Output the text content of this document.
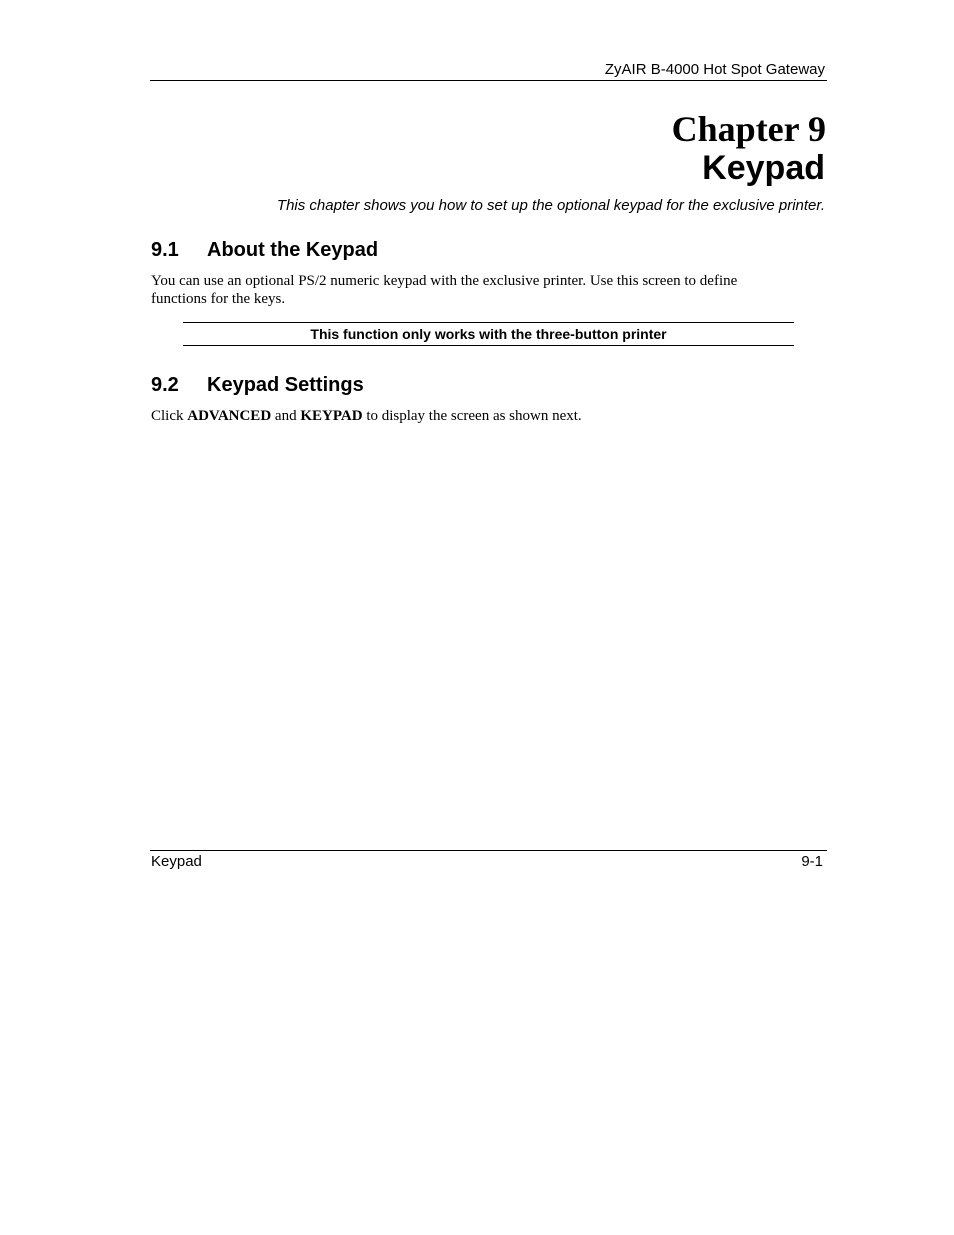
ZyAIR B-4000 Hot Spot Gateway
Chapter 9
Keypad
This chapter shows you how to set up the optional keypad for the exclusive printer.
9.1 About the Keypad
You can use an optional PS/2 numeric keypad with the exclusive printer. Use this screen to define functions for the keys.
This function only works with the three-button printer
9.2 Keypad Settings
Click ADVANCED and KEYPAD to display the screen as shown next.
Keypad	9-1
